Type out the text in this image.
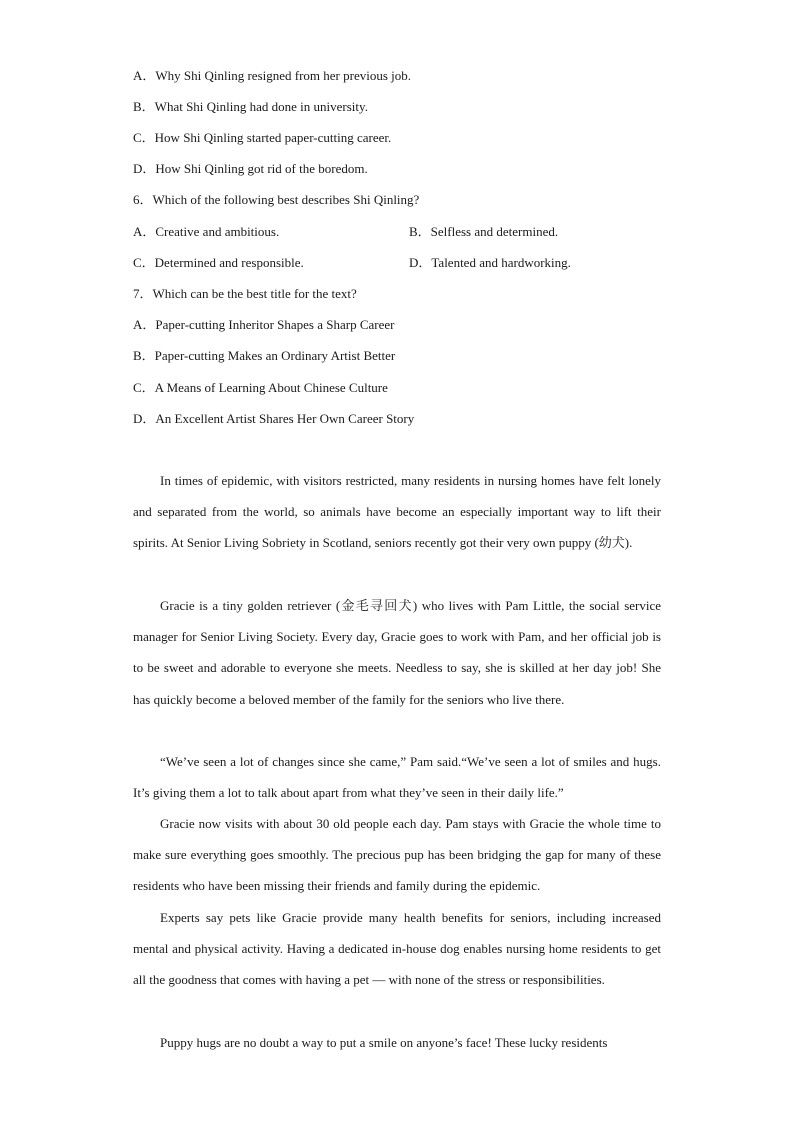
A．Why Shi Qinling resigned from her previous job.
B．What Shi Qinling had done in university.
C．How Shi Qinling started paper-cutting career.
D．How Shi Qinling got rid of the boredom.
6．Which of the following best describes Shi Qinling?
A．Creative and ambitious.	B．Selfless and determined.
C．Determined and responsible.	D．Talented and hardworking.
7．Which can be the best title for the text?
A．Paper-cutting Inheritor Shapes a Sharp Career
B．Paper-cutting Makes an Ordinary Artist Better
C．A Means of Learning About Chinese Culture
D．An Excellent Artist Shares Her Own Career Story

In times of epidemic, with visitors restricted, many residents in nursing homes have felt lonely and separated from the world, so animals have become an especially important way to lift their spirits. At Senior Living Sobriety in Scotland, seniors recently got their very own puppy (幼犬).

Gracie is a tiny golden retriever (金毛寻回犬) who lives with Pam Little, the social service manager for Senior Living Society. Every day, Gracie goes to work with Pam, and her official job is to be sweet and adorable to everyone she meets. Needless to say, she is skilled at her day job! She has quickly become a beloved member of the family for the seniors who live there.

“We’ve seen a lot of changes since she came,” Pam said.“We’ve seen a lot of smiles and hugs. It’s giving them a lot to talk about apart from what they’ve seen in their daily life.”

Gracie now visits with about 30 old people each day. Pam stays with Gracie the whole time to make sure everything goes smoothly. The precious pup has been bridging the gap for many of these residents who have been missing their friends and family during the epidemic.

Experts say pets like Gracie provide many health benefits for seniors, including increased mental and physical activity. Having a dedicated in-house dog enables nursing home residents to get all the goodness that comes with having a pet — with none of the stress or responsibilities.

Puppy hugs are no doubt a way to put a smile on anyone’s face! These lucky residents
